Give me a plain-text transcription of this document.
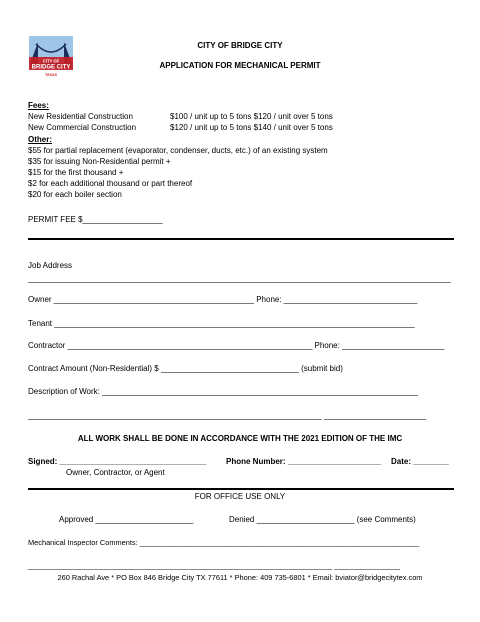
CITY OF
BRIDGE CITY
TEXAS
CITY OF BRIDGE CITY
APPLICATION FOR MECHANICAL PERMIT
Fees:
New Residential Construction	$100 / unit up to 5 tons $120 / unit over 5 tons
New Commercial Construction	$120 / unit up to 5 tons $140 / unit over 5 tons
Other:
$55 for partial replacement (evaporator, condenser, ducts, etc.) of an existing system
$35 for issuing Non-Residential permit +
$15 for the first thousand +
$2 for each additional thousand or part thereof
$20 for each boiler section
PERMIT FEE $__________________
Job Address
_______________________________________________________________________________________________
Owner _____________________________________________ Phone: ______________________________
Tenant _________________________________________________________________________________
Contractor _______________________________________________________ Phone: _______________________
Contract Amount (Non-Residential) $ _______________________________ (submit bid)
Description of Work: _______________________________________________________________________
__________________________________________________________________ _______________________
ALL WORK SHALL BE DONE IN ACCORDANCE WITH THE 2021 EDITION OF THE IMC
Signed: _________________________________ Phone Number: _____________________ Date: ________
Owner, Contractor, or Agent
FOR OFFICE USE ONLY
Approved ______________________	Denied ______________________ (see Comments)
Mechanical Inspector Comments: ____________________________________________________________________
__________________________________________________________________________ ________________
260 Rachal Ave * PO Box 846 Bridge City TX 77611 * Phone: 409 735-6801 * Email: bviator@bridgecitytex.com
